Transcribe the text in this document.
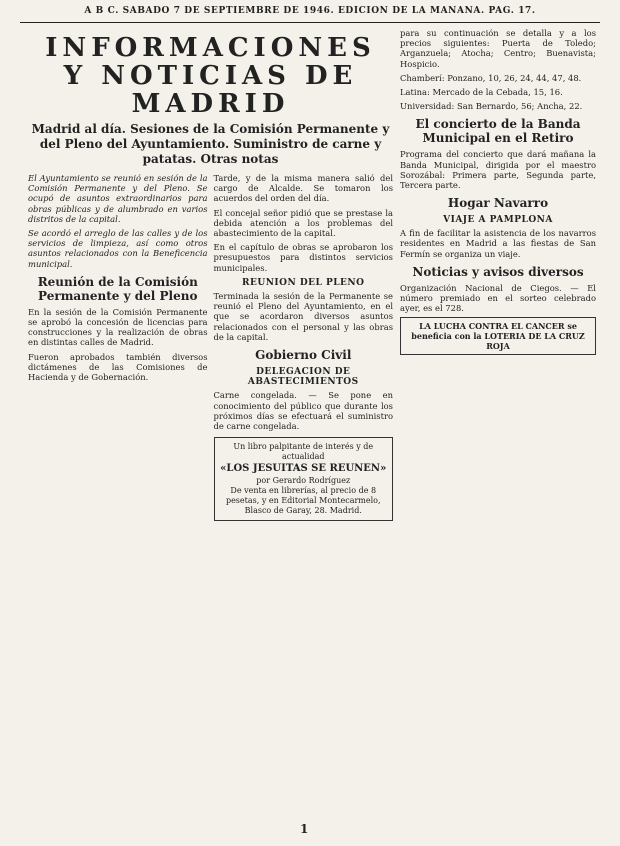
A B C. SÁBADO 7 DE SEPTIEMBRE DE 1946. EDICIÓN DE LA MAÑANA. PÁG. 17.
INFORMACIONES Y NOTICIAS DE MADRID
Madrid al día. Sesiones de la Comisión Permanente y del Pleno del Ayuntamiento. Suministro de carne y patatas. Otras notas

El Ayuntamiento se reunió en sesión de la Comisión Permanente y del Pleno. Se ocupó de asuntos extraordinarios para obras públicas y de alumbrado en varios distritos de la capital.

Se acordó el arreglo de las calles y de los servicios de limpieza, así como otros asuntos relacionados con la Beneficencia municipal.

Reunión de la Comisión Permanente y del Pleno

En la sesión de la Comisión Permanente se aprobó la concesión de licencias para construcciones y la realización de obras en distintas calles de Madrid.

Fueron aprobados también diversos dictámenes de las Comisiones de Hacienda y de Gobernación.

Tarde, y de la misma manera salió del cargo de Alcalde. Se tomaron los acuerdos del orden del día.

El concejal señor pidió que se prestase la debida atención a los problemas del abastecimiento de la capital.

En el capítulo de obras se aprobaron los presupuestos para distintos servicios municipales.

REUNION DEL PLENO

Terminada la sesión de la Permanente se reunió el Pleno del Ayuntamiento, en el que se acordaron diversos asuntos relacionados con el personal y las obras de la capital.

Gobierno Civil
DELEGACION DE ABASTECIMIENTOS

Carne congelada. — Se pone en conocimiento del público que durante los próximos días se efectuará el suministro de carne congelada.

Un libro palpitante de interés y de actualidad
«LOS JESUITAS SE REUNEN»
por Gerardo Rodríguez
De venta en librerías, al precio de 8 pesetas, y en Editorial Montecarmelo, Blasco de Garay, 28. Madrid.

para su continuación se detalla y a los precios siguientes: Puerta de Toledo; Arganzuela; Atocha; Centro; Buenavista; Hospicio.

Chamberí: Ponzano, 10, 26, 24, 44, 47, 48.

Latina: Mercado de la Cebada, 15, 16.

Universidad: San Bernardo, 56; Ancha, 22.

El concierto de la Banda Municipal en el Retiro

Programa del concierto que dará mañana la Banda Municipal, dirigida por el maestro Sorozábal: Primera parte, Segunda parte, Tercera parte.

Hogar Navarro
VIAJE A PAMPLONA

A fin de facilitar la asistencia de los navarros residentes en Madrid a las fiestas de San Fermín se organiza un viaje.

Noticias y avisos diversos

Organización Nacional de Ciegos. — El número premiado en el sorteo celebrado ayer, es el 728.

LA LUCHA CONTRA EL CANCER se beneficia con la LOTERIA DE LA CRUZ ROJA
1
